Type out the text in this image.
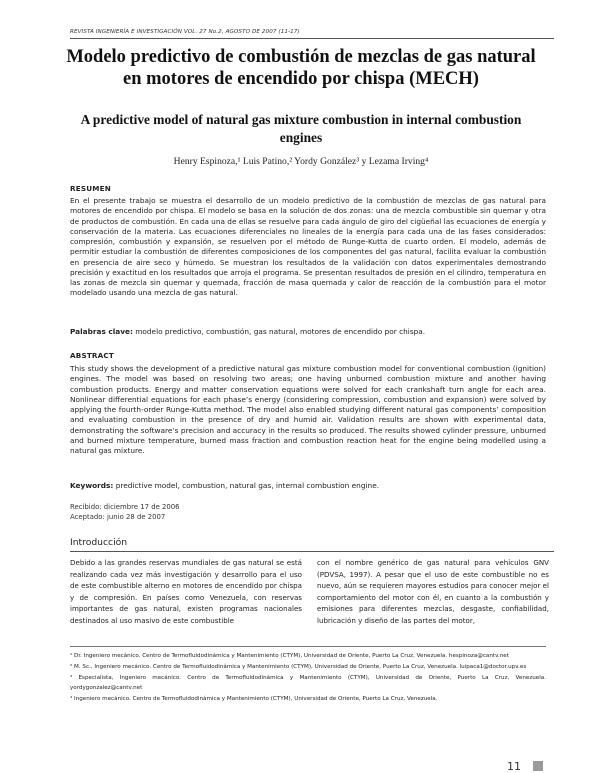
REVISTA INGENIERÍA E INVESTIGACIÓN VOL. 27 No.2, AGOSTO DE 2007 (11-17)
Modelo predictivo de combustión de mezclas de gas natural en motores de encendido por chispa (MECH)
A predictive model of natural gas mixture combustion in internal combustion engines
Henry Espinoza,¹ Luis Patino,² Yordy González³ y Lezama Irving⁴
RESUMEN
En el presente trabajo se muestra el desarrollo de un modelo predictivo de la combustión de mezclas de gas natural para motores de encendido por chispa. El modelo se basa en la solución de dos zonas: una de mezcla combustible sin quemar y otra de productos de combustión. En cada una de ellas se resuelve para cada ángulo de giro del cigüeñal las ecuaciones de energía y conservación de la materia. Las ecuaciones diferenciales no lineales de la energía para cada una de las fases considerados: compresión, combustión y expansión, se resuelven por el método de Runge-Kutta de cuarto orden. El modelo, además de permitir estudiar la combustión de diferentes composiciones de los componentes del gas natural, facilita evaluar la combustión en presencia de aire seco y húmedo. Se muestran los resultados de la validación con datos experimentales demostrando precisión y exactitud en los resultados que arroja el programa. Se presentan resultados de presión en el cilindro, temperatura en las zonas de mezcla sin quemar y quemada, fracción de masa quemada y calor de reacción de la combustión para el motor modelado usando una mezcla de gas natural.
Palabras clave: modelo predictivo, combustión, gas natural, motores de encendido por chispa.
ABSTRACT
This study shows the development of a predictive natural gas mixture combustion model for conventional combustion (ignition) engines. The model was based on resolving two areas; one having unburned combustion mixture and another having combustion products. Energy and matter conservation equations were solved for each crankshaft turn angle for each area. Nonlinear differential equations for each phase’s energy (considering compression, combustion and expansion) were solved by applying the fourth-order Runge-Kutta method. The model also enabled studying different natural gas components’ composition and evaluating combustion in the presence of dry and humid air. Validation results are shown with experimental data, demonstrating the software’s precision and accuracy in the results so produced. The results showed cylinder pressure, unburned and burned mixture temperature, burned mass fraction and combustion reaction heat for the engine being modelled using a natural gas mixture.
Keywords: predictive model, combustion, natural gas, internal combustion engine.
Recibido: diciembre 17 de 2006
Aceptado: junio 28 de 2007
Introducción
Debido a las grandes reservas mundiales de gas natural se está realizando cada vez más investigación y desarrollo para el uso de este combustible alterno en motores de encendido por chispa y de compresión. En países como Venezuela, con reservas importantes de gas natural, existen programas nacionales destinados al uso masivo de este combustible
con el nombre genérico de gas natural para vehículos GNV (PDVSA, 1997). A pesar que el uso de este combustible no es nuevo, aún se requieren mayores estudios para conocer mejor el comportamiento del motor con él, en cuanto a la combustión y emisiones para diferentes mezclas, desgaste, confiabilidad, lubricación y diseño de las partes del motor,
¹ Dr. Ingeniero mecánico. Centro de Termofluidodinámica y Mantenimiento (CTYM), Universidad de Oriente, Puerto La Cruz, Venezuela. hespinoza@cantv.net
² M. Sc., Ingeniero mecánico. Centro de Termofluidodinámica y Mantenimiento (CTYM), Universidad de Oriente, Puerto La Cruz, Venezuela. luipaca1@doctor.upv.es
³ Especialista, Ingeniero mecánico. Centro de Termofluidodinámica y Mantenimiento (CTYM), Universidad de Oriente, Puerto La Cruz, Venezuela. yordygonzalez@cantv.net
⁴ Ingeniero mecánico. Centro de Termofluidodinámica y Mantenimiento (CTYM), Universidad de Oriente, Puerto La Cruz, Venezuela.
11
